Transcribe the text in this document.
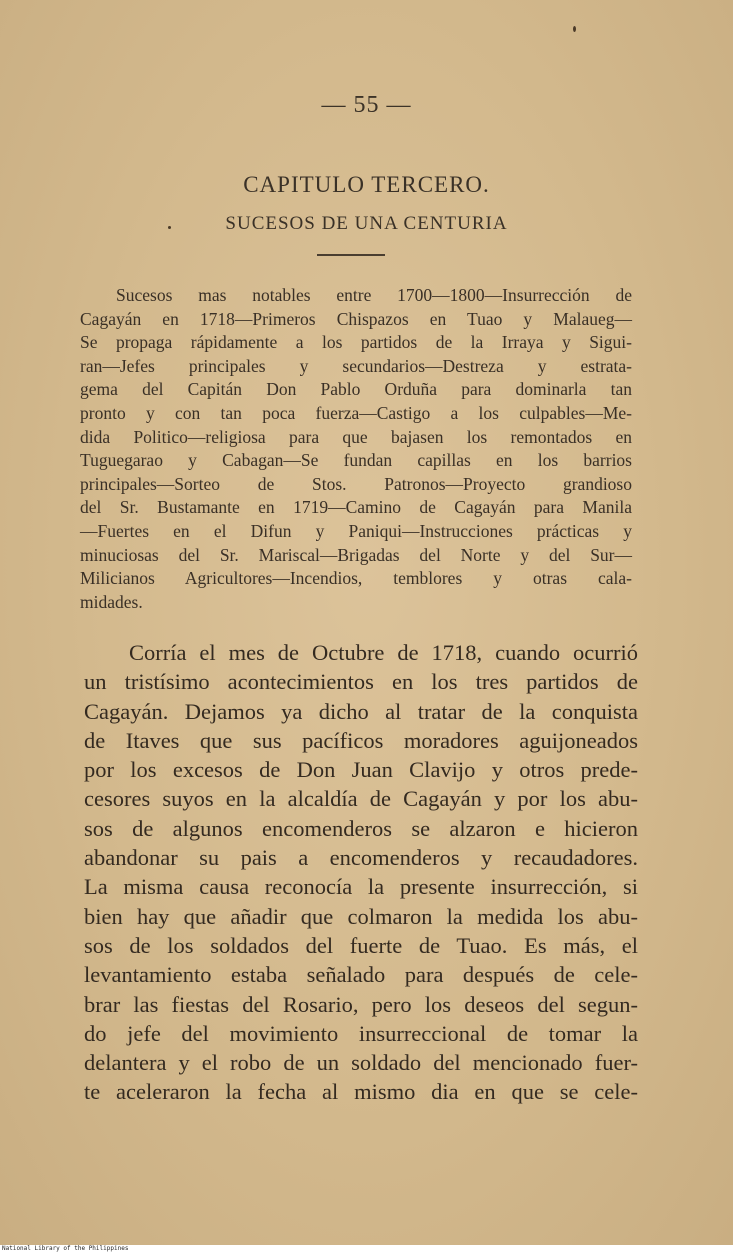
— 55 —
CAPITULO TERCERO.
SUCESOS DE UNA CENTURIA
Sucesos mas notables entre 1700—1800—Insurrección de
Cagayán en 1718—Primeros Chispazos en Tuao y Malaueg—
Se propaga rápidamente a los partidos de la Irraya y Sigui-
ran—Jefes principales y secundarios—Destreza y estrata-
gema del Capitán Don Pablo Orduña para dominarla tan
pronto y con tan poca fuerza—Castigo a los culpables—Me-
dida Politico—religiosa para que bajasen los remontados en
Tuguegarao y Cabagan—Se fundan capillas en los barrios
principales—Sorteo de Stos. Patronos—Proyecto grandioso
del Sr. Bustamante en 1719—Camino de Cagayán para Manila
—Fuertes en el Difun y Paniqui—Instrucciones prácticas y
minuciosas del Sr. Mariscal—Brigadas del Norte y del Sur—
Milicianos Agricultores—Incendios, temblores y otras cala-
midades.
Corría el mes de Octubre de 1718, cuando ocurrió
un tristísimo acontecimientos en los tres partidos de
Cagayán. Dejamos ya dicho al tratar de la conquista
de Itaves que sus pacíficos moradores aguijoneados
por los excesos de Don Juan Clavijo y otros prede-
cesores suyos en la alcaldía de Cagayán y por los abu-
sos de algunos encomenderos se alzaron e hicieron
abandonar su pais a encomenderos y recaudadores.
La misma causa reconocía la presente insurrección, si
bien hay que añadir que colmaron la medida los abu-
sos de los soldados del fuerte de Tuao. Es más, el
levantamiento estaba señalado para después de cele-
brar las fiestas del Rosario, pero los deseos del segun-
do jefe del movimiento insurreccional de tomar la
delantera y el robo de un soldado del mencionado fuer-
te aceleraron la fecha al mismo dia en que se cele-
National Library of the Philippines
